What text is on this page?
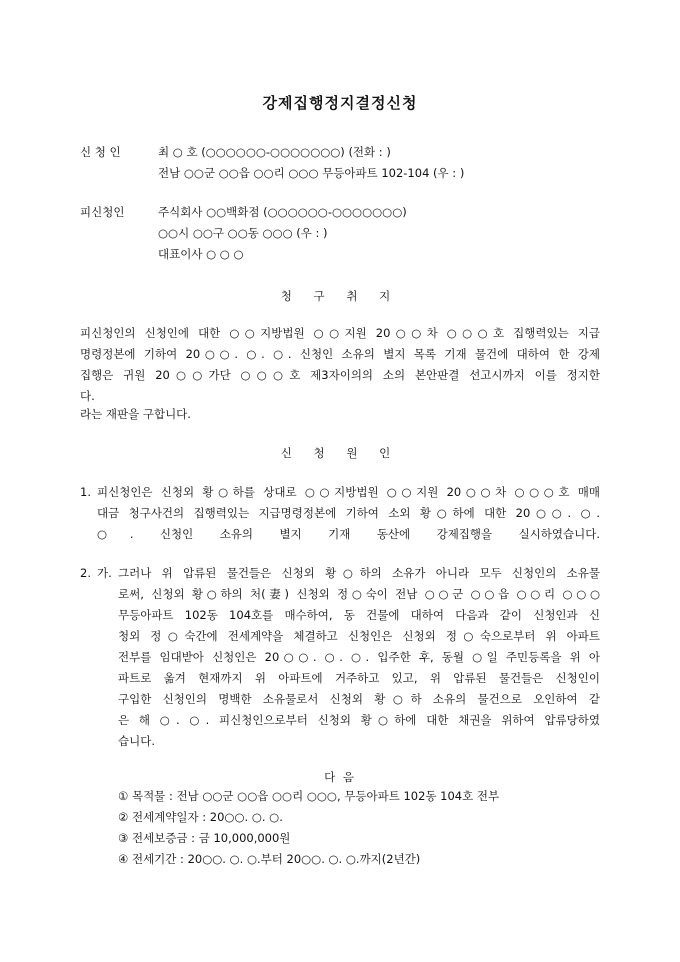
강제집행정지결정신청
신 청 인	최 ○ 호 (○○○○○○-○○○○○○○) (전화 : )
전남 ○○군 ○○읍 ○○리 ○○○ 무등아파트 102-104 (우 : )
피신청인	주식회사 ○○백화점 (○○○○○○-○○○○○○○)
○○시 ○○구 ○○동 ○○○ (우 : )
대표이사 ○ ○ ○
청 구 취 지
피신청인의 신청인에 대한 ○○지방법원 ○○지원 20○○차 ○○○호 집행력있는 지급
명령정본에 기하여 20○○. ○. ○. 신청인 소유의 별지 목록 기재 물건에 대하여 한 강제
집행은 귀원 20○○가단 ○○○호 제3자이의의 소의 본안판결 선고시까지 이를 정지한
다.
라는 재판을 구합니다.
신 청 원 인
1. 피신청인은 신청외 황○하를 상대로 ○○지방법원 ○○지원 20○○차 ○○○호 매매
대금 청구사건의 집행력있는 지급명령정본에 기하여 소외 황○하에 대한 20○○. ○.
○. 신청인 소유의 별지 기재 동산에 강제집행을 실시하였습니다.
2. 가. 그러나 위 압류된 물건들은 신청외 황○하의 소유가 아니라 모두 신청인의 소유물
로써, 신청외 황○하의 처(妻) 신청외 정○숙이 전남 ○○군 ○○읍 ○○리 ○○○
무등아파트 102동 104호를 매수하여, 동 건물에 대하여 다음과 같이 신청인과 신
청외 정○숙간에 전세계약을 체결하고 신청인은 신청외 정○숙으로부터 위 아파트
전부를 임대받아 신청인은 20○○. ○. ○. 입주한 후, 동월 ○일 주민등록을 위 아
파트로 옮겨 현재까지 위 아파트에 거주하고 있고, 위 압류된 물건들은 신청인이
구입한 신청인의 명백한 소유물로서 신청외 황○하 소유의 물건으로 오인하여 같
은 해 ○. ○. 피신청인으로부터 신청외 황○하에 대한 채권을 위하여 압류당하였
습니다.
다 음
① 목적물 : 전남 ○○군 ○○읍 ○○리 ○○○, 무등아파트 102동 104호 전부
② 전세계약일자 : 20○○. ○. ○.
③ 전세보증금 : 금 10,000,000원
④ 전세기간 : 20○○. ○. ○.부터 20○○. ○. ○.까지(2년간)
